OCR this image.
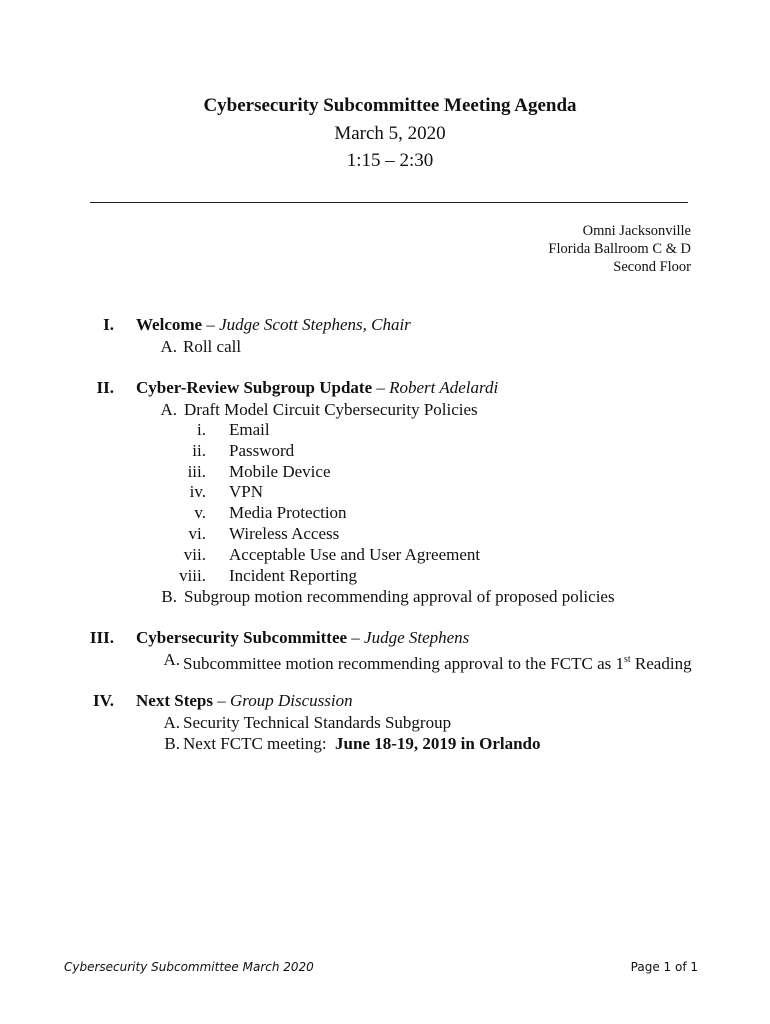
Cybersecurity Subcommittee Meeting Agenda
March 5, 2020
1:15 – 2:30
Omni Jacksonville
Florida Ballroom C & D
Second Floor
I. Welcome – Judge Scott Stephens, Chair
A. Roll call
II. Cyber-Review Subgroup Update – Robert Adelardi
A. Draft Model Circuit Cybersecurity Policies
i. Email
ii. Password
iii. Mobile Device
iv. VPN
v. Media Protection
vi. Wireless Access
vii. Acceptable Use and User Agreement
viii. Incident Reporting
B. Subgroup motion recommending approval of proposed policies
III. Cybersecurity Subcommittee – Judge Stephens
A. Subcommittee motion recommending approval to the FCTC as 1st Reading
IV. Next Steps – Group Discussion
A. Security Technical Standards Subgroup
B. Next FCTC meeting:  June 18-19, 2019 in Orlando
Cybersecurity Subcommittee March 2020	Page 1 of 1
